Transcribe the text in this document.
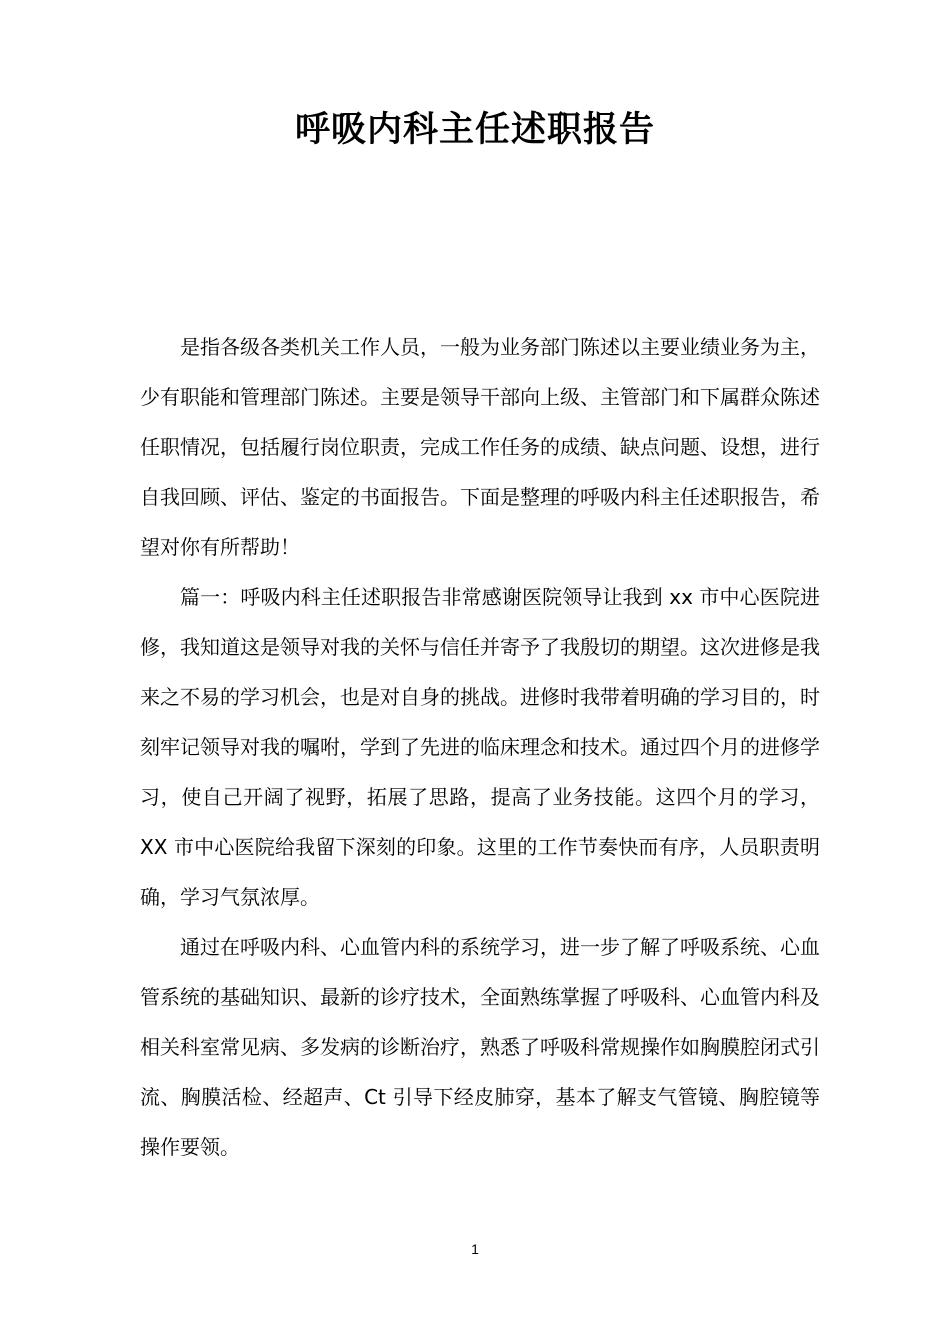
呼吸内科主任述职报告

是指各级各类机关工作人员，一般为业务部门陈述以主要业绩业务为主，少有职能和管理部门陈述。主要是领导干部向上级、主管部门和下属群众陈述任职情况，包括履行岗位职责，完成工作任务的成绩、缺点问题、设想，进行自我回顾、评估、鉴定的书面报告。下面是整理的呼吸内科主任述职报告，希望对你有所帮助！

篇一：呼吸内科主任述职报告非常感谢医院领导让我到 xx 市中心医院进修，我知道这是领导对我的关怀与信任并寄予了我殷切的期望。这次进修是我来之不易的学习机会，也是对自身的挑战。进修时我带着明确的学习目的，时刻牢记领导对我的嘱咐，学到了先进的临床理念和技术。通过四个月的进修学习，使自己开阔了视野，拓展了思路，提高了业务技能。这四个月的学习，XX 市中心医院给我留下深刻的印象。这里的工作节奏快而有序，人员职责明确，学习气氛浓厚。

通过在呼吸内科、心血管内科的系统学习，进一步了解了呼吸系统、心血管系统的基础知识、最新的诊疗技术，全面熟练掌握了呼吸科、心血管内科及相关科室常见病、多发病的诊断治疗，熟悉了呼吸科常规操作如胸膜腔闭式引流、胸膜活检、经超声、Ct 引导下经皮肺穿，基本了解支气管镜、胸腔镜等操作要领。

1
